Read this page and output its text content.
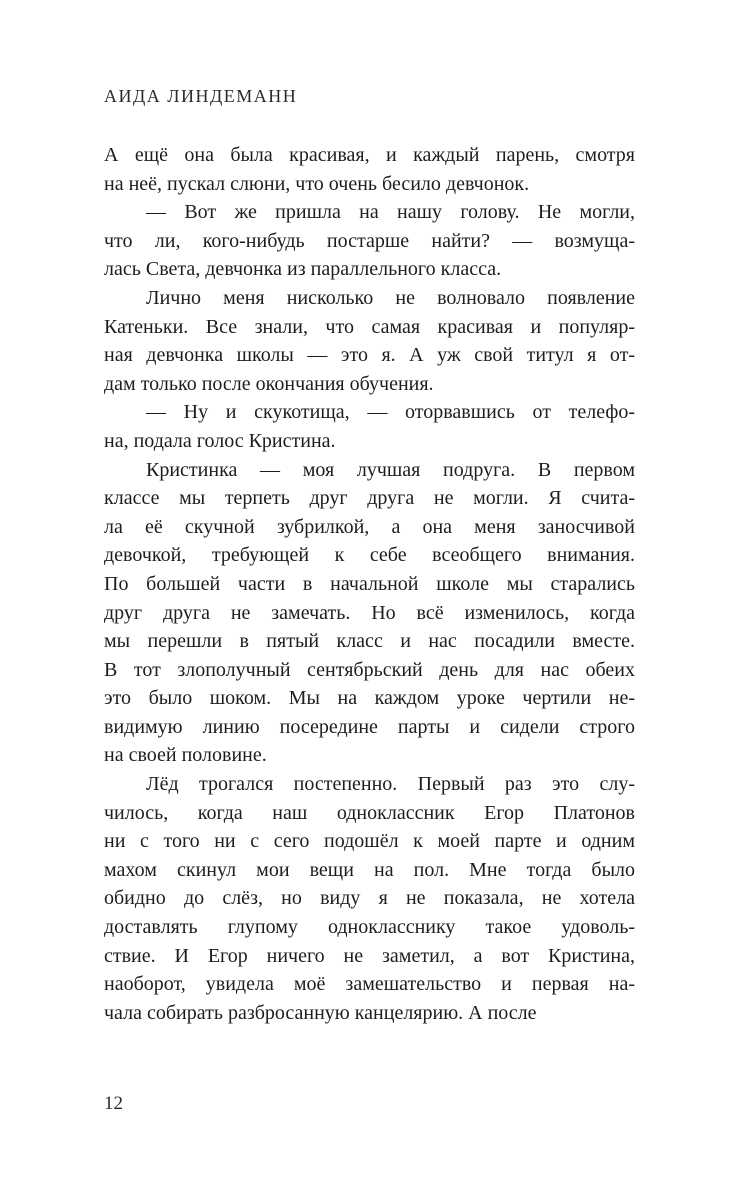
АИДА ЛИНДЕМАНН
А ещё она была красивая, и каждый парень, смотря
на неё, пускал слюни, что очень бесило девчонок.
— Вот же пришла на нашу голову. Не могли,
что ли, кого-нибудь постарше найти? — возмуща-
лась Света, девчонка из параллельного класса.
Лично меня нисколько не волновало появление
Катеньки. Все знали, что самая красивая и популяр-
ная девчонка школы — это я. А уж свой титул я от-
дам только после окончания обучения.
— Ну и скукотища, — оторвавшись от телефо-
на, подала голос Кристина.
Кристинка — моя лучшая подруга. В первом
классе мы терпеть друг друга не могли. Я счита-
ла её скучной зубрилкой, а она меня заносчивой
девочкой, требующей к себе всеобщего внимания.
По большей части в начальной школе мы старались
друг друга не замечать. Но всё изменилось, когда
мы перешли в пятый класс и нас посадили вместе.
В тот злополучный сентябрьский день для нас обеих
это было шоком. Мы на каждом уроке чертили не-
видимую линию посередине парты и сидели строго
на своей половине.
Лёд трогался постепенно. Первый раз это слу-
чилось, когда наш одноклассник Егор Платонов
ни с того ни с сего подошёл к моей парте и одним
махом скинул мои вещи на пол. Мне тогда было
обидно до слёз, но виду я не показала, не хотела
доставлять глупому однокласснику такое удоволь-
ствие. И Егор ничего не заметил, а вот Кристина,
наоборот, увидела моё замешательство и первая на-
чала собирать разбросанную канцелярию. А после
12
